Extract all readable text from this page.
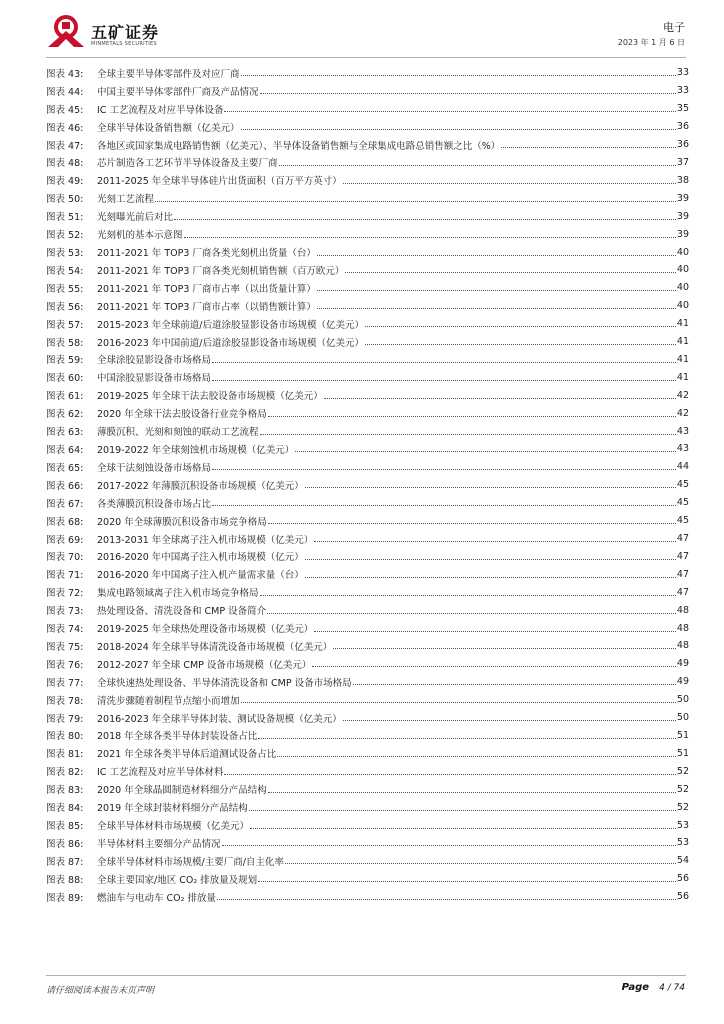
五矿证券
MINMETALS SECURITIES
电子
2023 年 1 月 6 日
图表 43:	全球主要半导体零部件及对应厂商	33
图表 44:	中国主要半导体零部件厂商及产品情况	33
图表 45:	IC 工艺流程及对应半导体设备	35
图表 46:	全球半导体设备销售额（亿美元）	36
图表 47:	各地区或国家集成电路销售额（亿美元）、半导体设备销售额与全球集成电路总销售额之比（%）	36
图表 48:	芯片制造各工艺环节半导体设备及主要厂商	37
图表 49:	2011-2025 年全球半导体硅片出货面积（百万平方英寸）	38
图表 50:	光刻工艺流程	39
图表 51:	光刻曝光前后对比	39
图表 52:	光刻机的基本示意图	39
图表 53:	2011-2021 年 TOP3 厂商各类光刻机出货量（台）	40
图表 54:	2011-2021 年 TOP3 厂商各类光刻机销售额（百万欧元）	40
图表 55:	2011-2021 年 TOP3 厂商市占率（以出货量计算）	40
图表 56:	2011-2021 年 TOP3 厂商市占率（以销售额计算）	40
图表 57:	2015-2023 年全球前道/后道涂胶显影设备市场规模（亿美元）	41
图表 58:	2016-2023 年中国前道/后道涂胶显影设备市场规模（亿美元）	41
图表 59:	全球涂胶显影设备市场格局	41
图表 60:	中国涂胶显影设备市场格局	41
图表 61:	2019-2025 年全球干法去胶设备市场规模（亿美元）	42
图表 62:	2020 年全球干法去胶设备行业竞争格局	42
图表 63:	薄膜沉积、光刻和刻蚀的联动工艺流程	43
图表 64:	2019-2022 年全球刻蚀机市场规模（亿美元）	43
图表 65:	全球干法刻蚀设备市场格局	44
图表 66:	2017-2022 年薄膜沉积设备市场规模（亿美元）	45
图表 67:	各类薄膜沉积设备市场占比	45
图表 68:	2020 年全球薄膜沉积设备市场竞争格局	45
图表 69:	2013-2031 年全球离子注入机市场规模（亿美元）	47
图表 70:	2016-2020 年中国离子注入机市场规模（亿元）	47
图表 71:	2016-2020 年中国离子注入机产量需求量（台）	47
图表 72:	集成电路领域离子注入机市场竞争格局	47
图表 73:	热处理设备、清洗设备和 CMP 设备简介	48
图表 74:	2019-2025 年全球热处理设备市场规模（亿美元）	48
图表 75:	2018-2024 年全球半导体清洗设备市场规模（亿美元）	48
图表 76:	2012-2027 年全球 CMP 设备市场规模（亿美元）	49
图表 77:	全球快速热处理设备、半导体清洗设备和 CMP 设备市场格局	49
图表 78:	清洗步骤随着制程节点缩小而增加	50
图表 79:	2016-2023 年全球半导体封装、测试设备规模（亿美元）	50
图表 80:	2018 年全球各类半导体封装设备占比	51
图表 81:	2021 年全球各类半导体后道测试设备占比	51
图表 82:	IC 工艺流程及对应半导体材料	52
图表 83:	2020 年全球晶圆制造材料细分产品结构	52
图表 84:	2019 年全球封装材料细分产品结构	52
图表 85:	全球半导体材料市场规模（亿美元）	53
图表 86:	半导体材料主要细分产品情况	53
图表 87:	全球半导体材料市场规模/主要厂商/自主化率	54
图表 88:	全球主要国家/地区 CO₂ 排放量及规划	56
图表 89:	燃油车与电动车 CO₂ 排放量	56
请仔细阅读本报告末页声明	Page 4 / 74
